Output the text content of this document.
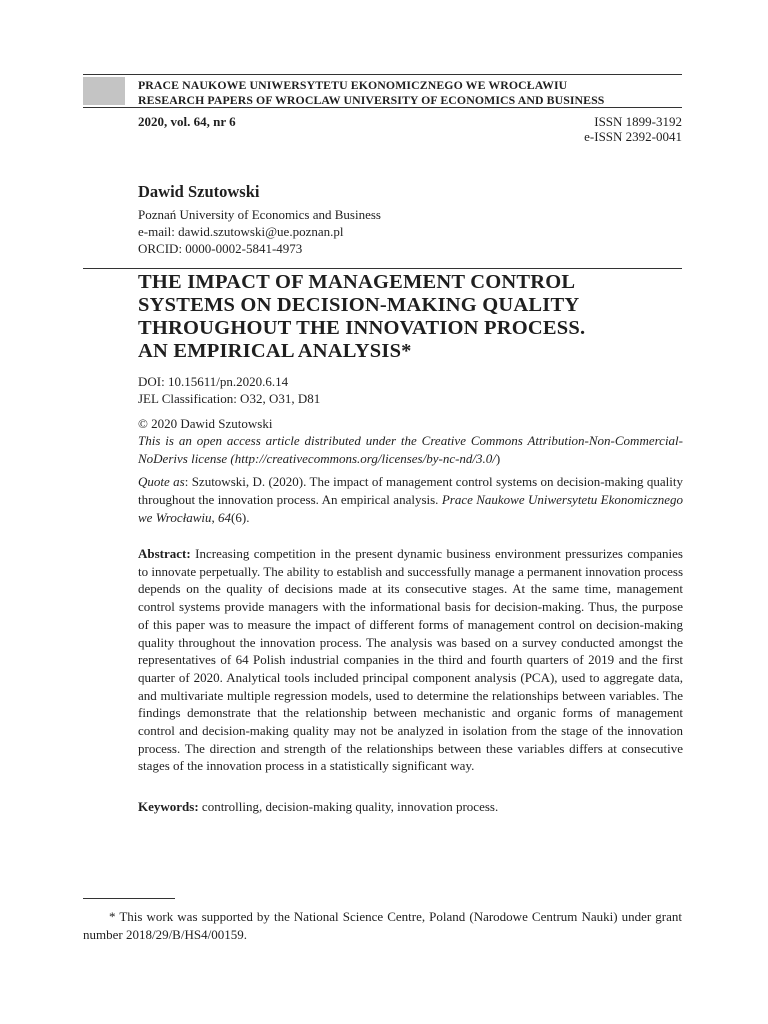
PRACE NAUKOWE UNIWERSYTETU EKONOMICZNEGO WE WROCŁAWIU
RESEARCH PAPERS OF WROCLAW UNIVERSITY OF ECONOMICS AND BUSINESS
2020, vol. 64, nr 6	ISSN 1899-3192
e-ISSN 2392-0041
Dawid Szutowski
Poznań University of Economics and Business
e-mail: dawid.szutowski@ue.poznan.pl
ORCID: 0000-0002-5841-4973
THE IMPACT OF MANAGEMENT CONTROL
SYSTEMS ON DECISION-MAKING QUALITY
THROUGHOUT THE INNOVATION PROCESS.
AN EMPIRICAL ANALYSIS*
DOI: 10.15611/pn.2020.6.14
JEL Classification: O32, O31, D81
© 2020 Dawid Szutowski
This is an open access article distributed under the Creative Commons Attribution-Non-Commercial-NoDerivs license (http://creativecommons.org/licenses/by-nc-nd/3.0/)
Quote as: Szutowski, D. (2020). The impact of management control systems on decision-making quality throughout the innovation process. An empirical analysis. Prace Naukowe Uniwersytetu Ekonomicznego we Wrocławiu, 64(6).
Abstract: Increasing competition in the present dynamic business environment pressurizes companies to innovate perpetually. The ability to establish and successfully manage a permanent innovation process depends on the quality of decisions made at its consecutive stages. At the same time, management control systems provide managers with the informational basis for decision-making. Thus, the purpose of this paper was to measure the impact of different forms of management control on decision-making quality throughout the innovation process. The analysis was based on a survey conducted amongst the representatives of 64 Polish industrial companies in the third and fourth quarters of 2019 and the first quarter of 2020. Analytical tools included principal component analysis (PCA), used to aggregate data, and multivariate multiple regression models, used to determine the relationships between variables. The findings demonstrate that the relationship between mechanistic and organic forms of management control and decision-making quality may not be analyzed in isolation from the stage of the innovation process. The direction and strength of the relationships between these variables differs at consecutive stages of the innovation process in a statistically significant way.
Keywords: controlling, decision-making quality, innovation process.
* This work was supported by the National Science Centre, Poland (Narodowe Centrum Nauki) under grant number 2018/29/B/HS4/00159.
